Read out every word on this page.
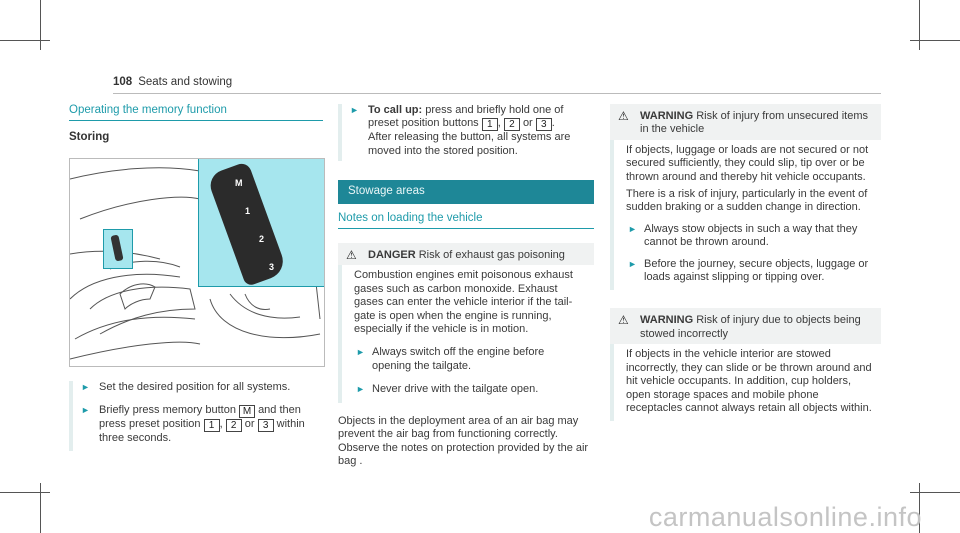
108 Seats and stowing
Operating the memory function
Storing
M
1
2
3

► Set the desired position for all systems.

► Briefly press memory button M and then press preset position 1 , 2 or 3 within three seconds.

► To call up: press and briefly hold one of preset position buttons 1 , 2 or 3 .

After releasing the button, all systems are moved into the stored position.

Stowage areas
Notes on loading the vehicle
⚠	DANGER Risk of exhaust gas poisoning

Combustion engines emit poisonous exhaust gases such as carbon monoxide. Exhaust gases can enter the vehicle interior if the tail-gate is open when the engine is running, especially if the vehicle is in motion.

► Always switch off the engine before opening the tailgate.

► Never drive with the tailgate open.

Objects in the deployment area of an air bag may prevent the air bag from functioning correctly. Observe the notes on protection provided by the air bag .

⚠	WARNING Risk of injury from unsecured items in the vehicle

If objects, luggage or loads are not secured or not secured sufficiently, they could slip, tip over or be thrown around and thereby hit vehicle occupants.

There is a risk of injury, particularly in the event of sudden braking or a sudden change in direction.

► Always stow objects in such a way that they cannot be thrown around.

► Before the journey, secure objects, luggage or loads against slipping or tipping over.

⚠	WARNING Risk of injury due to objects being stowed incorrectly

If objects in the vehicle interior are stowed incorrectly, they can slide or be thrown around and hit vehicle occupants. In addition, cup holders, open storage spaces and mobile phone receptacles cannot always retain all objects within.

carmanualsonline.info
